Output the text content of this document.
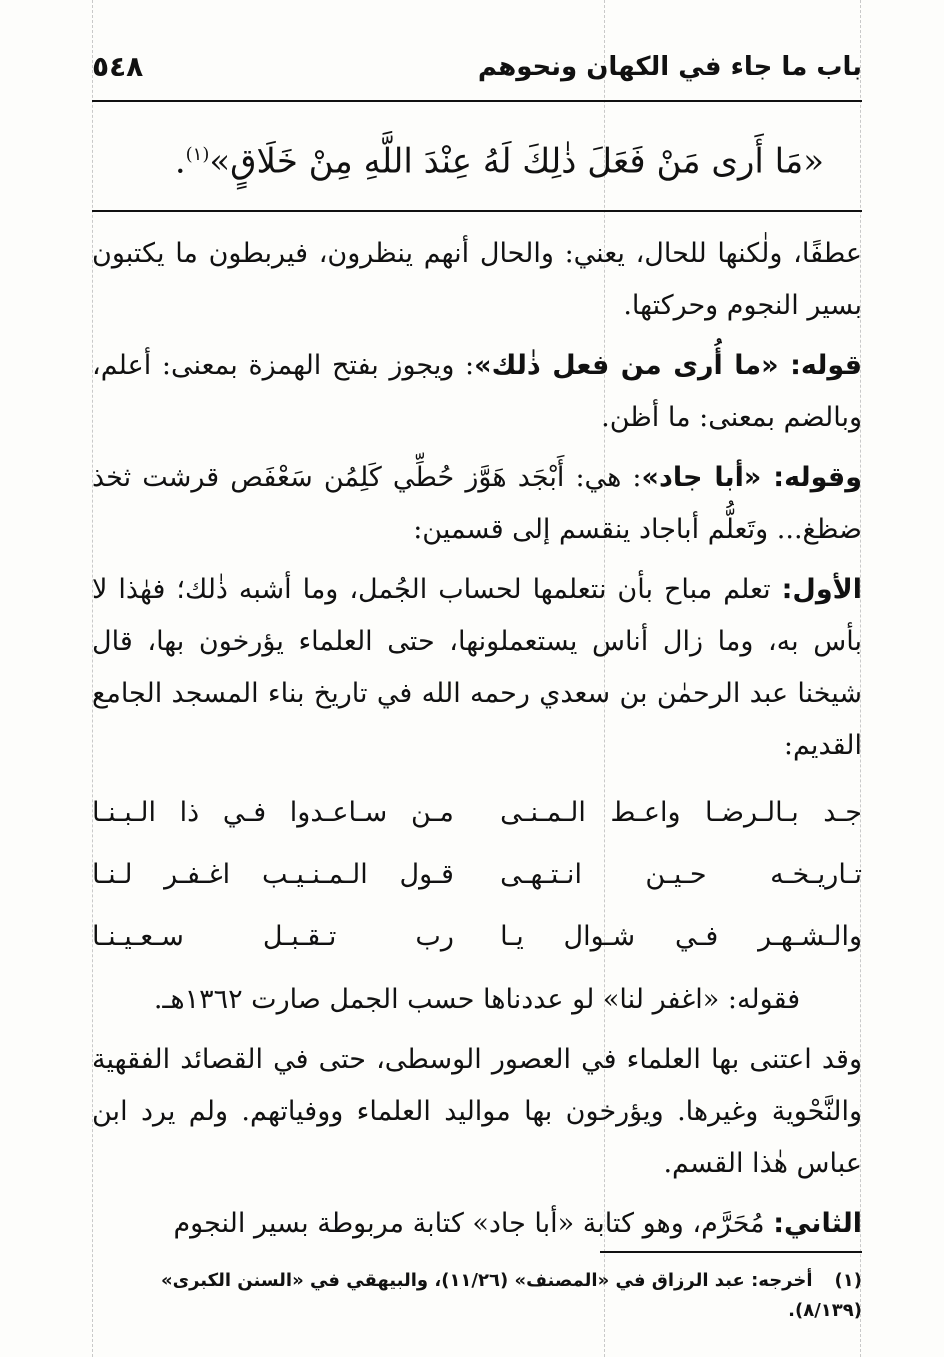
باب ما جاء في الكهان ونحوهم
٥٤٨
«مَا أَرى مَنْ فَعَلَ ذٰلِكَ لَهُ عِنْدَ اللَّهِ مِنْ خَلَاقٍ»$^{(١)}$.

عطفًا، ولٰكنها للحال، يعني: والحال أنهم ينظرون، فيربطون ما يكتبون بسير النجوم وحركتها.

قوله: «ما أُرى من فعل ذٰلك»: ويجوز بفتح الهمزة بمعنى: أعلم، وبالضم بمعنى: ما أظن.

وقوله: «أبا جاد»: هي: أَبْجَد هَوَّز حُطِّي كَلِمُن سَعْفَص قرشت ثخذ ضظغ... وتَعلُّم أباجاد ينقسم إلى قسمين:

الأول: تعلم مباح بأن نتعلمها لحساب الجُمل، وما أشبه ذٰلك؛ فهٰذا لا بأس به، وما زال أناس يستعملونها، حتى العلماء يؤرخون بها، قال شيخنا عبد الرحمٰن بن سعدي رحمه الله في تاريخ بناء المسجد الجامع القديم:

جـد بـالـرضـا واعـط الـمـنـى
مـن سـاعـدوا فـي ذا الـبـنـا
تـاريـخـه حـيـن انـتـهـى
قـول الـمـنـيـب اغـفـر لـنـا
والـشـهـر فـي شـوال يـا
رب تـقـبـل سـعـيـنـا

فقوله: «اغفر لنا» لو عددناها حسب الجمل صارت ١٣٦٢هـ.

وقد اعتنى بها العلماء في العصور الوسطى، حتى في القصائد الفقهية والنَّحْوية وغيرها. ويؤرخون بها مواليد العلماء ووفياتهم. ولم يرد ابن عباس هٰذا القسم.

الثاني: مُحَرَّم، وهو كتابة «أبا جاد» كتابة مربوطة بسير النجوم

(١)أخرجه: عبد الرزاق في «المصنف» (١١/٢٦)، والبيهقي في «السنن الكبرى» (٨/١٣٩).
